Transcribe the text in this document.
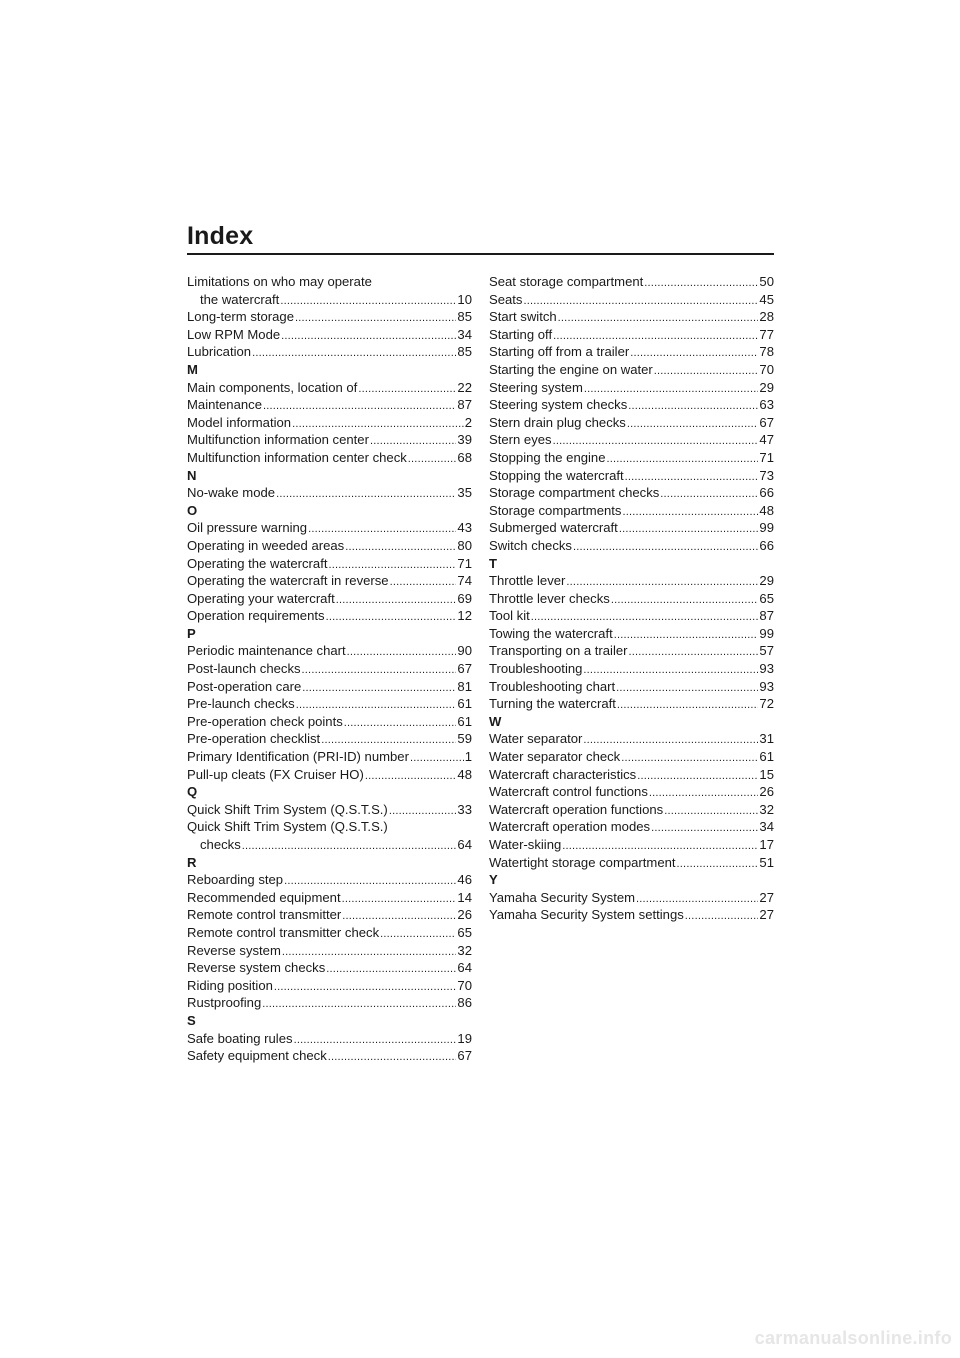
Index
Limitations on who may operate
the watercraft .....	10
Long-term storage .....	85
Low RPM Mode .....	34
Lubrication .....	85
M
Main components, location of .....	22
Maintenance .....	87
Model information .....	2
Multifunction information center .....	39
Multifunction information center check .....	68
N
No-wake mode .....	35
O
Oil pressure warning .....	43
Operating in weeded areas .....	80
Operating the watercraft .....	71
Operating the watercraft in reverse .....	74
Operating your watercraft .....	69
Operation requirements .....	12
P
Periodic maintenance chart .....	90
Post-launch checks .....	67
Post-operation care .....	81
Pre-launch checks .....	61
Pre-operation check points .....	61
Pre-operation checklist .....	59
Primary Identification (PRI-ID) number .....	1
Pull-up cleats (FX Cruiser HO) .....	48
Q
Quick Shift Trim System (Q.S.T.S.) .....	33
Quick Shift Trim System (Q.S.T.S.)
checks .....	64
R
Reboarding step .....	46
Recommended equipment .....	14
Remote control transmitter .....	26
Remote control transmitter check .....	65
Reverse system .....	32
Reverse system checks .....	64
Riding position .....	70
Rustproofing .....	86
S
Safe boating rules .....	19
Safety equipment check .....	67
Seat storage compartment .....	50
Seats .....	45
Start switch .....	28
Starting off .....	77
Starting off from a trailer .....	78
Starting the engine on water .....	70
Steering system .....	29
Steering system checks .....	63
Stern drain plug checks .....	67
Stern eyes .....	47
Stopping the engine .....	71
Stopping the watercraft .....	73
Storage compartment checks .....	66
Storage compartments .....	48
Submerged watercraft .....	99
Switch checks .....	66
T
Throttle lever .....	29
Throttle lever checks .....	65
Tool kit .....	87
Towing the watercraft .....	99
Transporting on a trailer .....	57
Troubleshooting .....	93
Troubleshooting chart .....	93
Turning the watercraft .....	72
W
Water separator .....	31
Water separator check .....	61
Watercraft characteristics .....	15
Watercraft control functions .....	26
Watercraft operation functions .....	32
Watercraft operation modes .....	34
Water-skiing .....	17
Watertight storage compartment .....	51
Y
Yamaha Security System .....	27
Yamaha Security System settings .....	27
carmanualsonline.info
